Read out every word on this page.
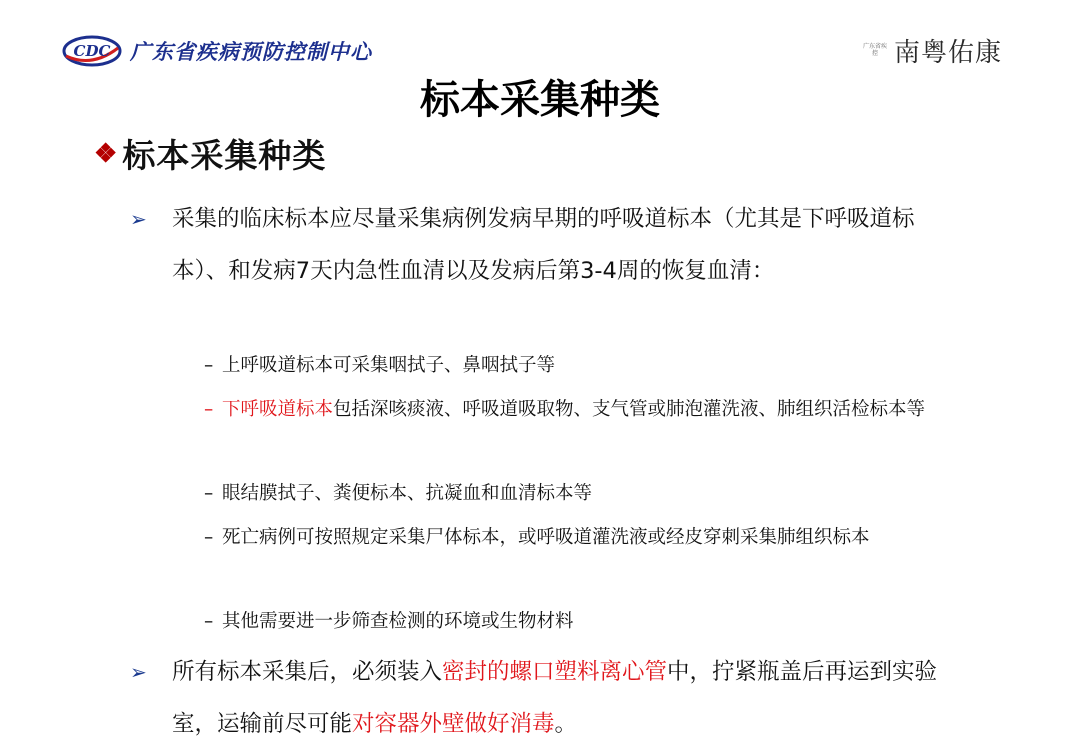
CDC 广东省疾病预防控制中心	广东省疾控 南粤佑康
标本采集种类
❖ 标本采集种类
➢ 采集的临床标本应尽量采集病例发病早期的呼吸道标本（尤其是下呼吸道标本）、和发病7天内急性血清以及发病后第3-4周的恢复血清：
– 上呼吸道标本可采集咽拭子、鼻咽拭子等
– 下呼吸道标本包括深咳痰液、呼吸道吸取物、支气管或肺泡灌洗液、肺组织活检标本等
– 眼结膜拭子、粪便标本、抗凝血和血清标本等
– 死亡病例可按照规定采集尸体标本，或呼吸道灌洗液或经皮穿刺采集肺组织标本
– 其他需要进一步筛查检测的环境或生物材料
➢ 所有标本采集后，必须装入密封的螺口塑料离心管中，拧紧瓶盖后再运到实验室，运输前尽可能对容器外壁做好消毒。
